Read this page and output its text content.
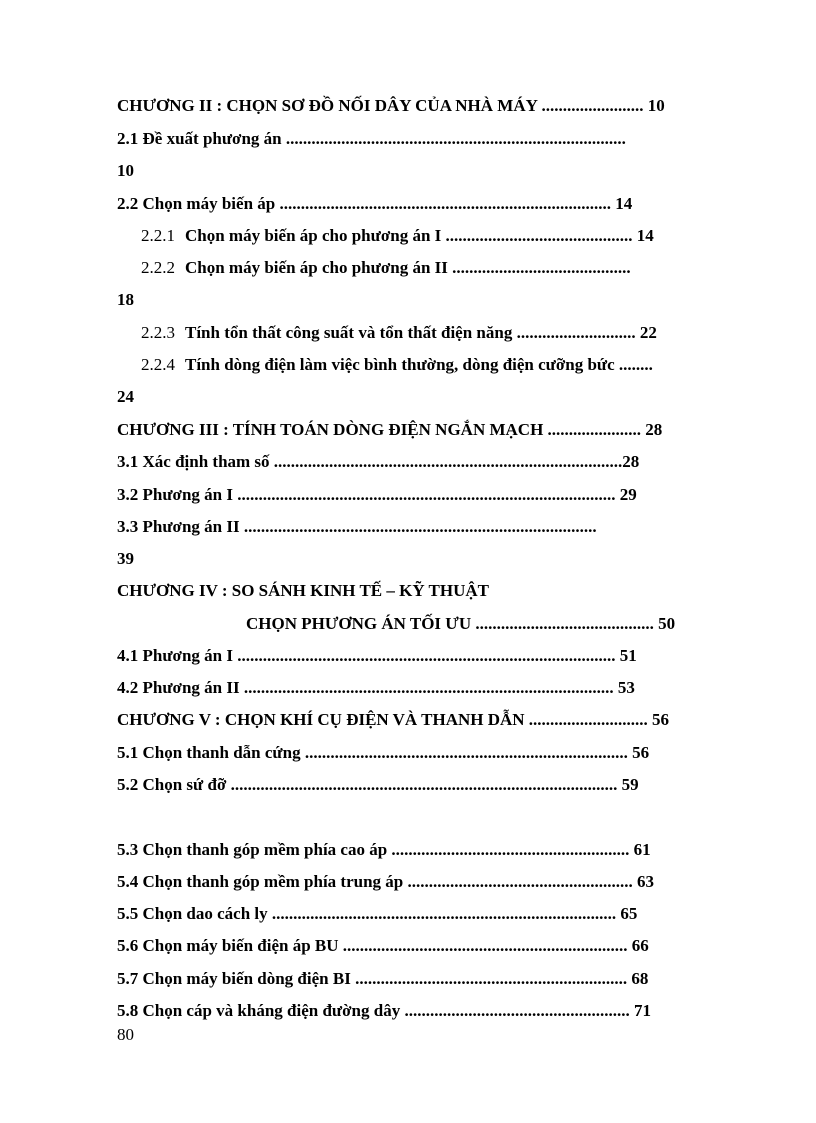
CHƯƠNG II : CHỌN SƠ ĐỒ NỐI DÂY CỦA NHÀ MÁY ........................ 10
2.1 Đề xuất phương án ................................................................................
10
2.2 Chọn máy biến áp .............................................................................. 14
2.2.1 Chọn máy biến áp cho phương án I ............................................ 14
2.2.2 Chọn máy biến áp cho phương án II ..........................................
18
2.2.3 Tính tổn thất công suất và tổn thất điện năng ............................ 22
2.2.4 Tính dòng điện làm việc bình thường, dòng điện cưỡng bức ........
24
CHƯƠNG III : TÍNH TOÁN DÒNG ĐIỆN NGẮN MẠCH ...................... 28
3.1 Xác định tham số ..................................................................................28
3.2 Phương án I ......................................................................................... 29
3.3 Phương án II ...................................................................................
39
CHƯƠNG IV : SO SÁNH KINH TẾ – KỸ THUẬT
CHỌN PHƯƠNG ÁN TỐI ƯU .......................................... 50
4.1 Phương án I ......................................................................................... 51
4.2 Phương án II ....................................................................................... 53
CHƯƠNG V : CHỌN KHÍ CỤ ĐIỆN VÀ THANH DẪN ............................ 56
5.1 Chọn thanh dẫn cứng ............................................................................ 56
5.2 Chọn sứ đỡ ........................................................................................... 59
5.3 Chọn thanh góp mềm phía cao áp ........................................................ 61
5.4 Chọn thanh góp mềm phía trung áp ..................................................... 63
5.5 Chọn dao cách ly ................................................................................. 65
5.6 Chọn máy biến điện áp BU ................................................................... 66
5.7 Chọn máy biến dòng điện BI ................................................................ 68
5.8 Chọn cáp và kháng điện đường dây ..................................................... 71
80
